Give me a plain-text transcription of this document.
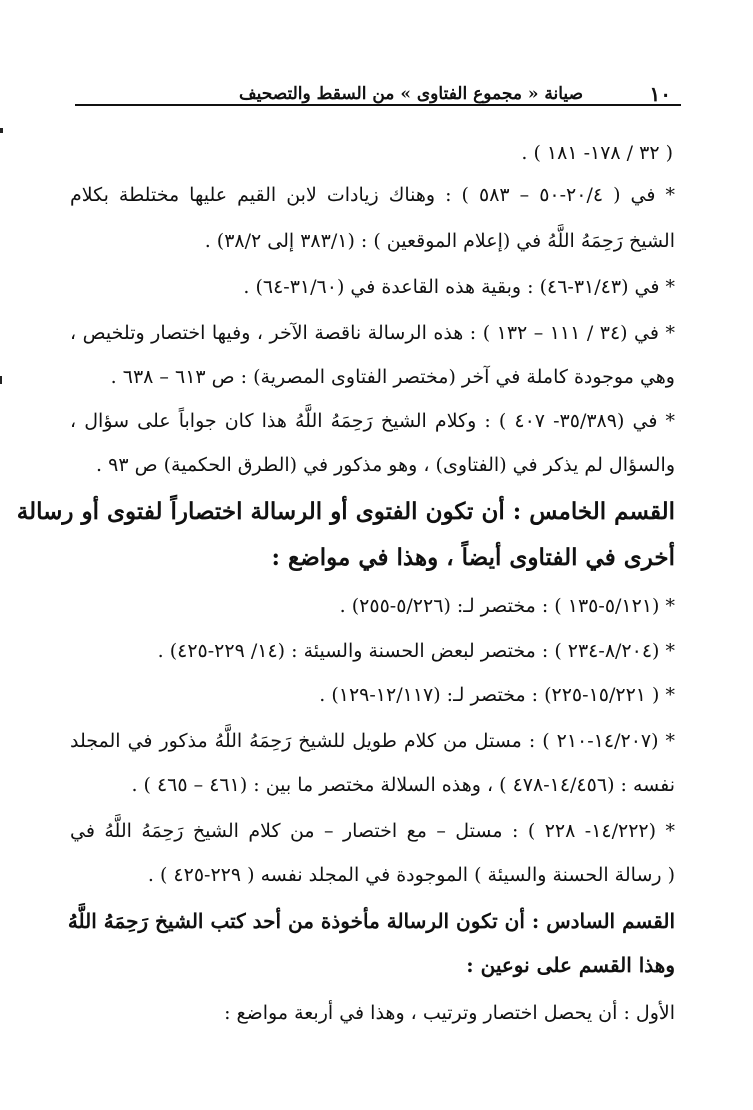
١٠
صيانة « مجموع الفتاوى » من السقط والتصحيف
( ٣٢ / ١٧٨- ١٨١ ) .
* في ( ٢٠/٤‏-٥٠ – ٥٨٣ ) : وهناك زيادات لابن القيم عليها مختلطة بكلام
الشيخ رَحِمَهُ اللَّهُ في (إعلام الموقعين ) : (٣٨٣/١ إلى ٣٨/٢) .
* في (٣١/٤٣-٤٦) : وبقية هذه القاعدة في (٣١/٦٠-٦٤) .
* في (٣٤ / ١١١ – ١٣٢ ) : هذه الرسالة ناقصة الآخر ، وفيها اختصار وتلخيص ،
وهي موجودة كاملة في آخر (مختصر الفتاوى المصرية) : ص ٦١٣ – ٦٣٨ .
* في (٣٥/٣٨٩- ٤٠٧ ) : وكلام الشيخ رَحِمَهُ اللَّهُ هذا كان جواباً على سؤال ،
والسؤال لم يذكر في (الفتاوى) ، وهو مذكور في (الطرق الحكمية) ص ٩٣ .
القسم الخامس : أن تكون الفتوى أو الرسالة اختصاراً لفتوى أو رسالة
أخرى في الفتاوى أيضاً ، وهذا في مواضع :
* (٥/١٢١-١٣٥ ) : مختصر لـ: (٥/٢٢٦-٢٥٥) .
* (٨/٢٠٤-٢٣٤ ) : مختصر لبعض الحسنة والسيئة : (١٤/ ٢٢٩-٤٢٥) .
* ( ١٥/٢٢١-٢٢٥) : مختصر لـ: (١٢/١١٧-١٢٩) .
* (١٤/٢٠٧-٢١٠ ) : مستل من كلام طويل للشيخ رَحِمَهُ اللَّهُ مذكور في المجلد
نفسه : (١٤/٤٥٦-٤٧٨ ) ، وهذه السلالة مختصر ما بين : (٤٦١ – ٤٦٥ ) .
* (١٤/٢٢٢- ٢٢٨ ) : مستل – مع اختصار – من كلام الشيخ رَحِمَهُ اللَّهُ في
( رسالة الحسنة والسيئة ) الموجودة في المجلد نفسه ( ٢٢٩-٤٢٥ ) .
القسم السادس : أن تكون الرسالة مأخوذة من أحد كتب الشيخ رَحِمَهُ اللَّهُ
وهذا القسم على نوعين :
الأول : أن يحصل اختصار وترتيب ، وهذا في أربعة مواضع :
